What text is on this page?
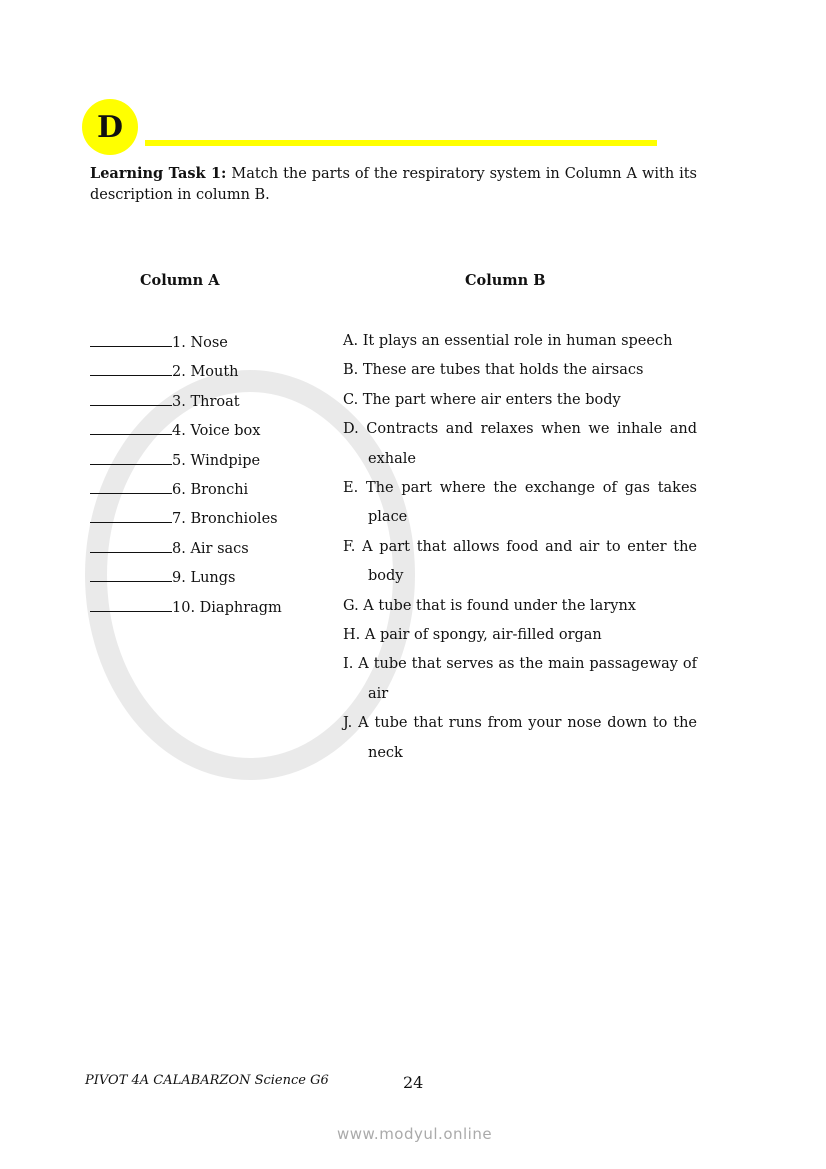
D
Learning Task 1: Match the parts of the respiratory system in Column A with its description in column B.
Column A	Column B
1. Nose
2. Mouth
3. Throat
4. Voice box
5. Windpipe
6. Bronchi
7. Bronchioles
8. Air sacs
9. Lungs
10. Diaphragm
A. It plays an essential role in human speech
B. These are tubes that holds the airsacs
C. The part where air enters the body
D. Contracts and relaxes when we inhale and exhale
E. The part where the exchange of gas takes place
F. A part that allows food and air to enter the body
G. A tube that is found under the larynx
H. A pair of spongy, air-filled organ
I. A tube that serves as the main passageway of air
J. A tube that runs from your nose down to the neck
PIVOT 4A CALABARZON Science G6	24
www.modyul.online
